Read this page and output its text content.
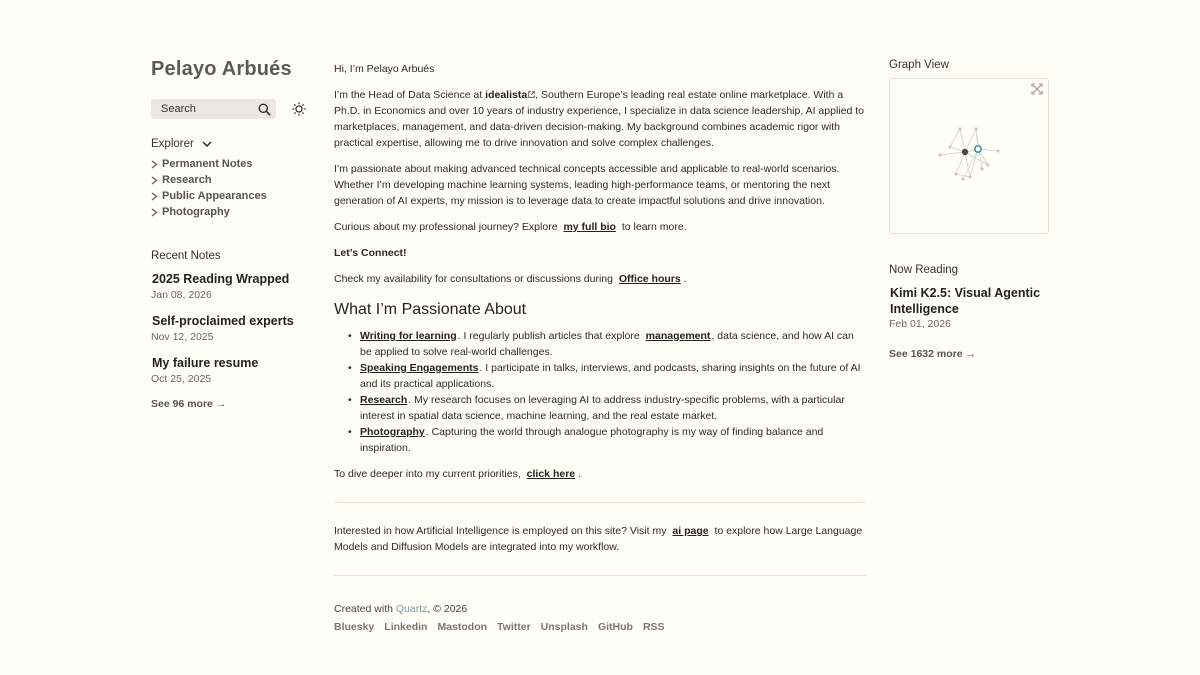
Pelayo Arbués
Search
Explorer
Permanent Notes
Research
Public Appearances
Photography
Recent Notes
2025 Reading Wrapped
Jan 08, 2026
Self-proclaimed experts
Nov 12, 2025
My failure resume
Oct 25, 2025
See 96 more →

Hi, I’m Pelayo Arbués

I’m the Head of Data Science at idealista , Southern Europe’s leading real estate online marketplace. With a Ph.D. in Economics and over 10 years of industry experience, I specialize in data science leadership, AI applied to marketplaces, management, and data-driven decision-making. My background combines academic rigor with practical expertise, allowing me to drive innovation and solve complex challenges.

I’m passionate about making advanced technical concepts accessible and applicable to real-world scenarios. Whether I’m developing machine learning systems, leading high-performance teams, or mentoring the next generation of AI experts, my mission is to leverage data to create impactful solutions and drive innovation.

Curious about my professional journey? Explore my full bio to learn more.

Let’s Connect!

Check my availability for consultations or discussions during Office hours .

What I’m Passionate About
• Writing for learning. I regularly publish articles that explore management, data science, and how AI can be applied to solve real-world challenges.
• Speaking Engagements. I participate in talks, interviews, and podcasts, sharing insights on the future of AI and its practical applications.
• Research. My research focuses on leveraging AI to address industry-specific problems, with a particular interest in spatial data science, machine learning, and the real estate market.
• Photography. Capturing the world through analogue photography is my way of finding balance and inspiration.

To dive deeper into my current priorities, click here .

Interested in how Artificial Intelligence is employed on this site? Visit my ai page to explore how Large Language Models and Diffusion Models are integrated into my workflow.

Created with Quartz, © 2026
Bluesky Linkedin Mastodon Twitter Unsplash GitHub RSS
Graph View
Now Reading
Kimi K2.5: Visual Agentic Intelligence
Feb 01, 2026
See 1632 more →
